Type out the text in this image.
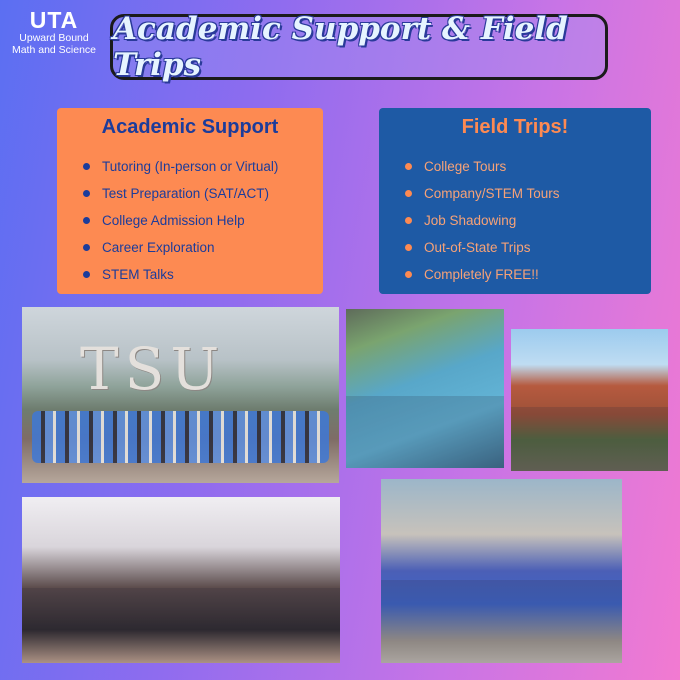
UTA
Upward Bound
Math and Science
Academic Support & Field Trips
Academic Support
Tutoring (In-person or Virtual)
Test Preparation (SAT/ACT)
College Admission Help
Career Exploration
STEM Talks
Field Trips!
College Tours
Company/STEM Tours
Job Shadowing
Out-of-State Trips
Completely FREE!!
TSU
